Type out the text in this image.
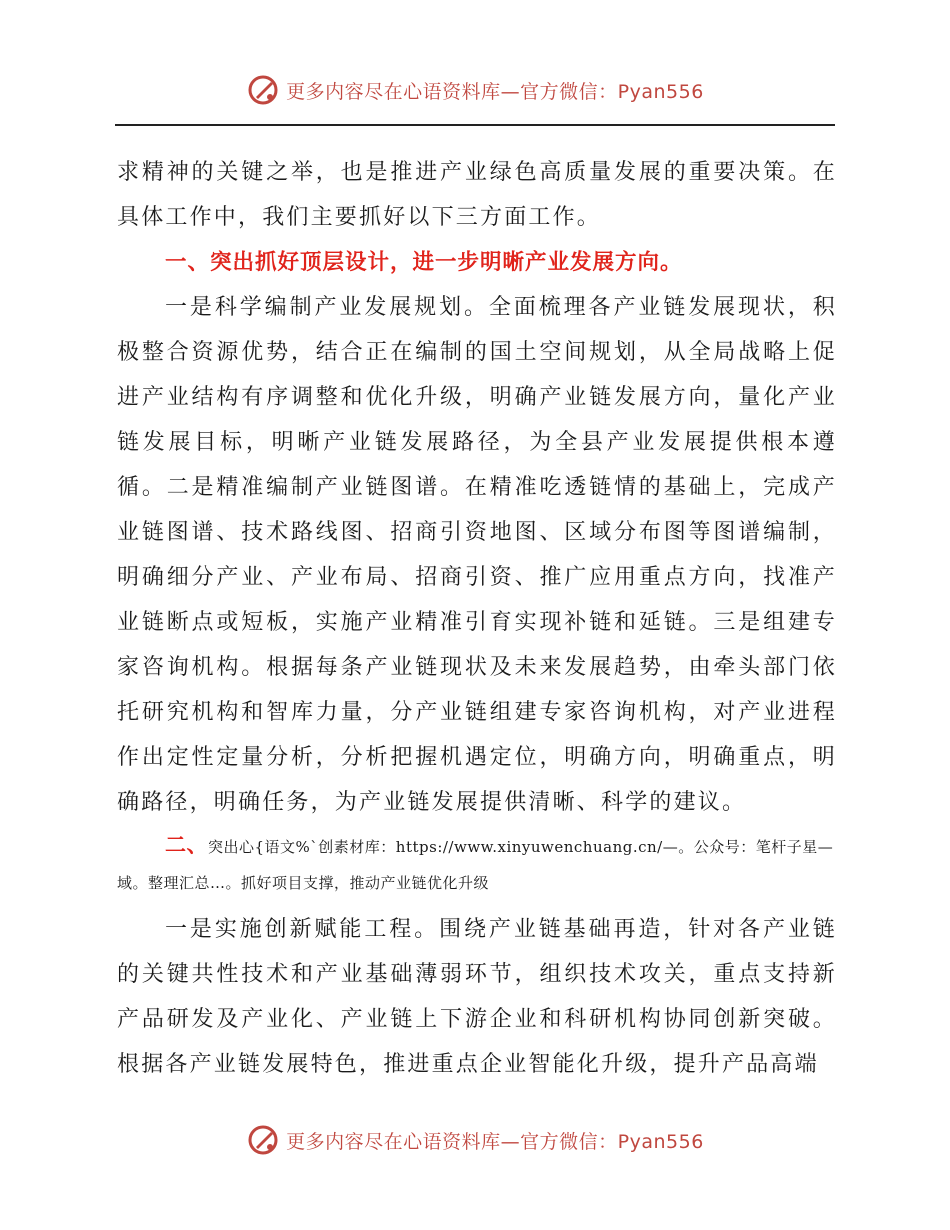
更多内容尽在心语资料库—官方微信：Pyan556

求精神的关键之举，也是推进产业绿色高质量发展的重要决策。在具体工作中，我们主要抓好以下三方面工作。

一、突出抓好顶层设计，进一步明晰产业发展方向。

一是科学编制产业发展规划。全面梳理各产业链发展现状，积极整合资源优势，结合正在编制的国土空间规划，从全局战略上促进产业结构有序调整和优化升级，明确产业链发展方向，量化产业链发展目标，明晰产业链发展路径，为全县产业发展提供根本遵循。二是精准编制产业链图谱。在精准吃透链情的基础上，完成产业链图谱、技术路线图、招商引资地图、区域分布图等图谱编制，明确细分产业、产业布局、招商引资、推广应用重点方向，找准产业链断点或短板，实施产业精准引育实现补链和延链。三是组建专家咨询机构。根据每条产业链现状及未来发展趋势，由牵头部门依托研究机构和智库力量，分产业链组建专家咨询机构，对产业进程作出定性定量分析，分析把握机遇定位，明确方向，明确重点，明确路径，明确任务，为产业链发展提供清晰、科学的建议。

二、突出心{语文%`创素材库：https://www.xinyuwenchuang.cn/—。公众号：笔杆子星—域。整理汇总…。抓好项目支撑，推动产业链优化升级

一是实施创新赋能工程。围绕产业链基础再造，针对各产业链的关键共性技术和产业基础薄弱环节，组织技术攻关，重点支持新产品研发及产业化、产业链上下游企业和科研机构协同创新突破。根据各产业链发展特色，推进重点企业智能化升级，提升产品高端

更多内容尽在心语资料库—官方微信：Pyan556
